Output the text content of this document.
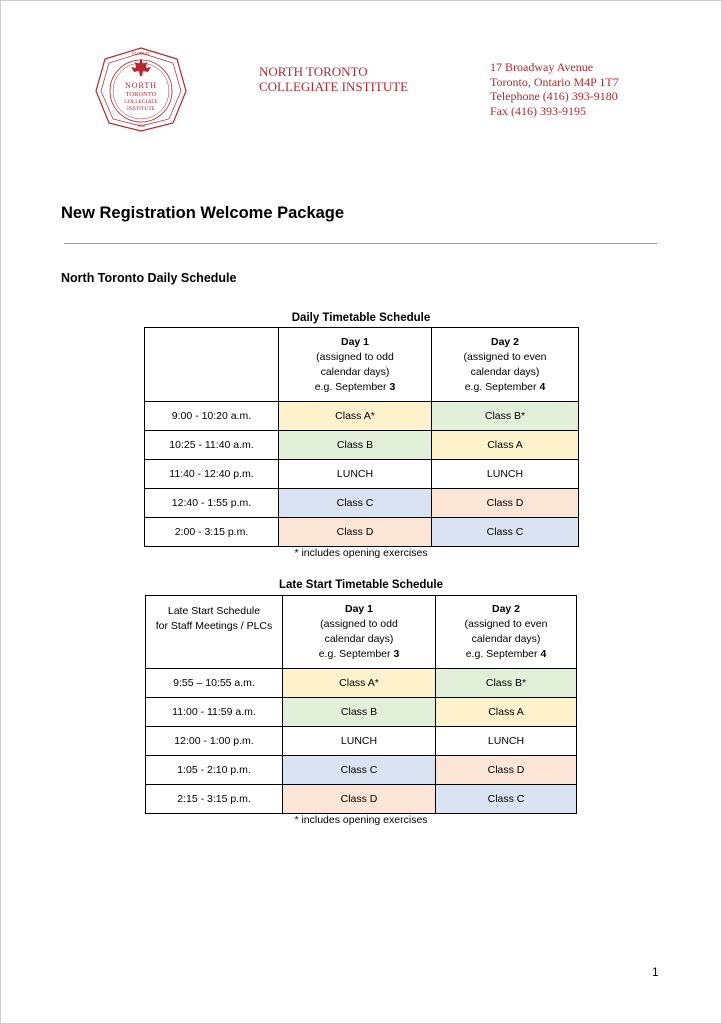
FLOREAT
NORTH
TORONTO
COLLEGIATE
INSTITUTE
1912
NORTH TORONTO
COLLEGIATE INSTITUTE
17 Broadway Avenue
Toronto, Ontario M4P 1T7
Telephone (416) 393-9180
Fax (416) 393-9195
New Registration Welcome Package
North Toronto Daily Schedule
Daily Timetable Schedule

	Day 1
(assigned to odd
calendar days)
e.g. September 3	Day 2
(assigned to even
calendar days)
e.g. September 4

9:00 - 10:20 a.m.	Class A*	Class B*
10:25 - 11:40 a.m.	Class B	Class A
11:40 - 12:40 p.m.	LUNCH	LUNCH
12:40 - 1:55 p.m.	Class C	Class D
2:00 - 3:15 p.m.	Class D	Class C
* includes opening exercises
Late Start Timetable Schedule
Late Start Schedule
for Staff Meetings / PLCs	Day 1
(assigned to odd
calendar days)
e.g. September 3	Day 2
(assigned to even
calendar days)
e.g. September 4

9:55 – 10:55 a.m.	Class A*	Class B*
11:00 - 11:59 a.m.	Class B	Class A
12:00 - 1:00 p.m.	LUNCH	LUNCH
1:05 - 2:10 p.m.	Class C	Class D
2:15 - 3:15 p.m.	Class D	Class C
* includes opening exercises
1
